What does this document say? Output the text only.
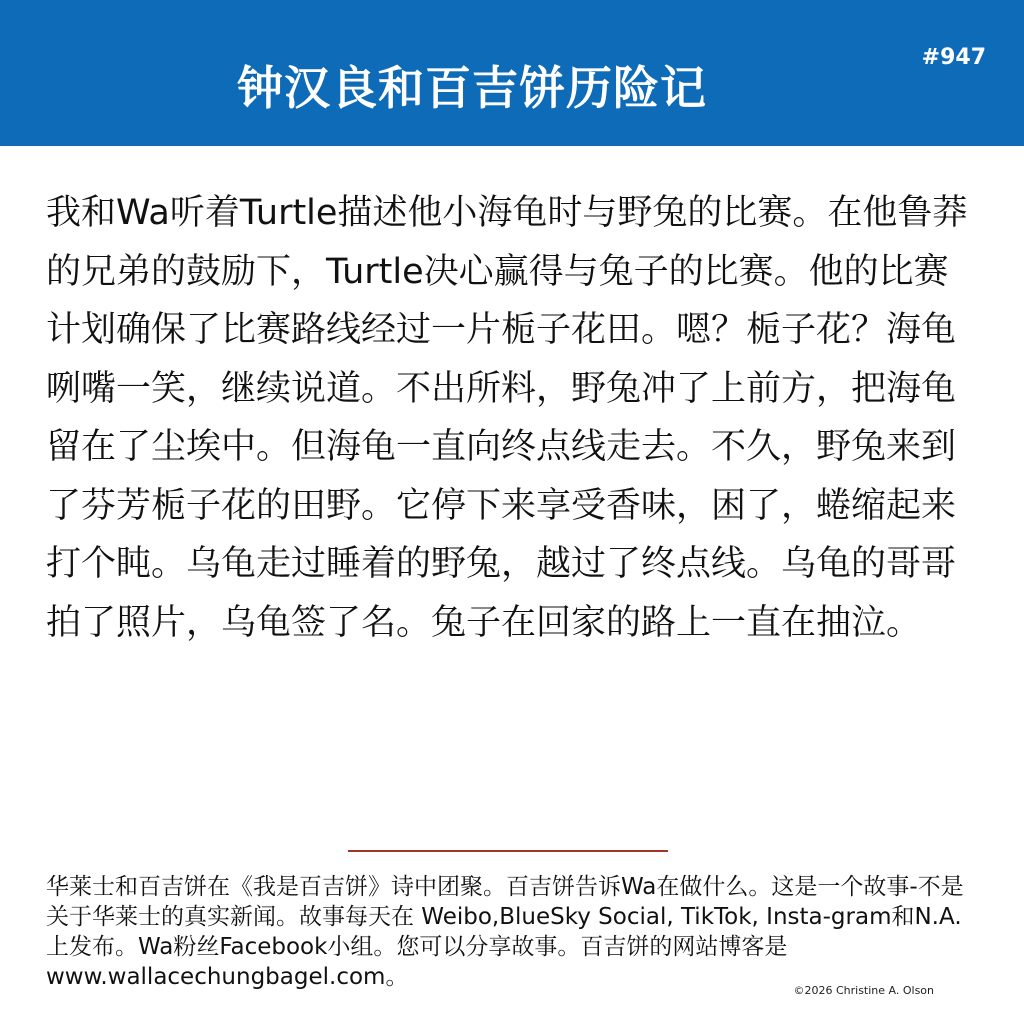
钟汉良和百吉饼历险记
#947
我和Wa听着Turtle描述他小海龟时与野兔的比赛。在他鲁莽的兄弟的鼓励下，Turtle决心赢得与兔子的比赛。他的比赛计划确保了比赛路线经过一片栀子花田。嗯？栀子花？海龟咧嘴一笑，继续说道。不出所料，野兔冲了上前方，把海龟留在了尘埃中。但海龟一直向终点线走去。不久，野兔来到了芬芳栀子花的田野。它停下来享受香味，困了，蜷缩起来打个盹。乌龟走过睡着的野兔，越过了终点线。乌龟的哥哥拍了照片，乌龟签了名。兔子在回家的路上一直在抽泣。
华莱士和百吉饼在《我是百吉饼》诗中团聚。百吉饼告诉Wa在做什么。这是一个故事-不是关于华莱士的真实新闻。故事每天在 Weibo,BlueSky Social, TikTok, Insta-gram和N.A.上发布。Wa粉丝Facebook小组。您可以分享故事。百吉饼的网站博客是www.wallacechungbagel.com。
©2026 Christine A. Olson
